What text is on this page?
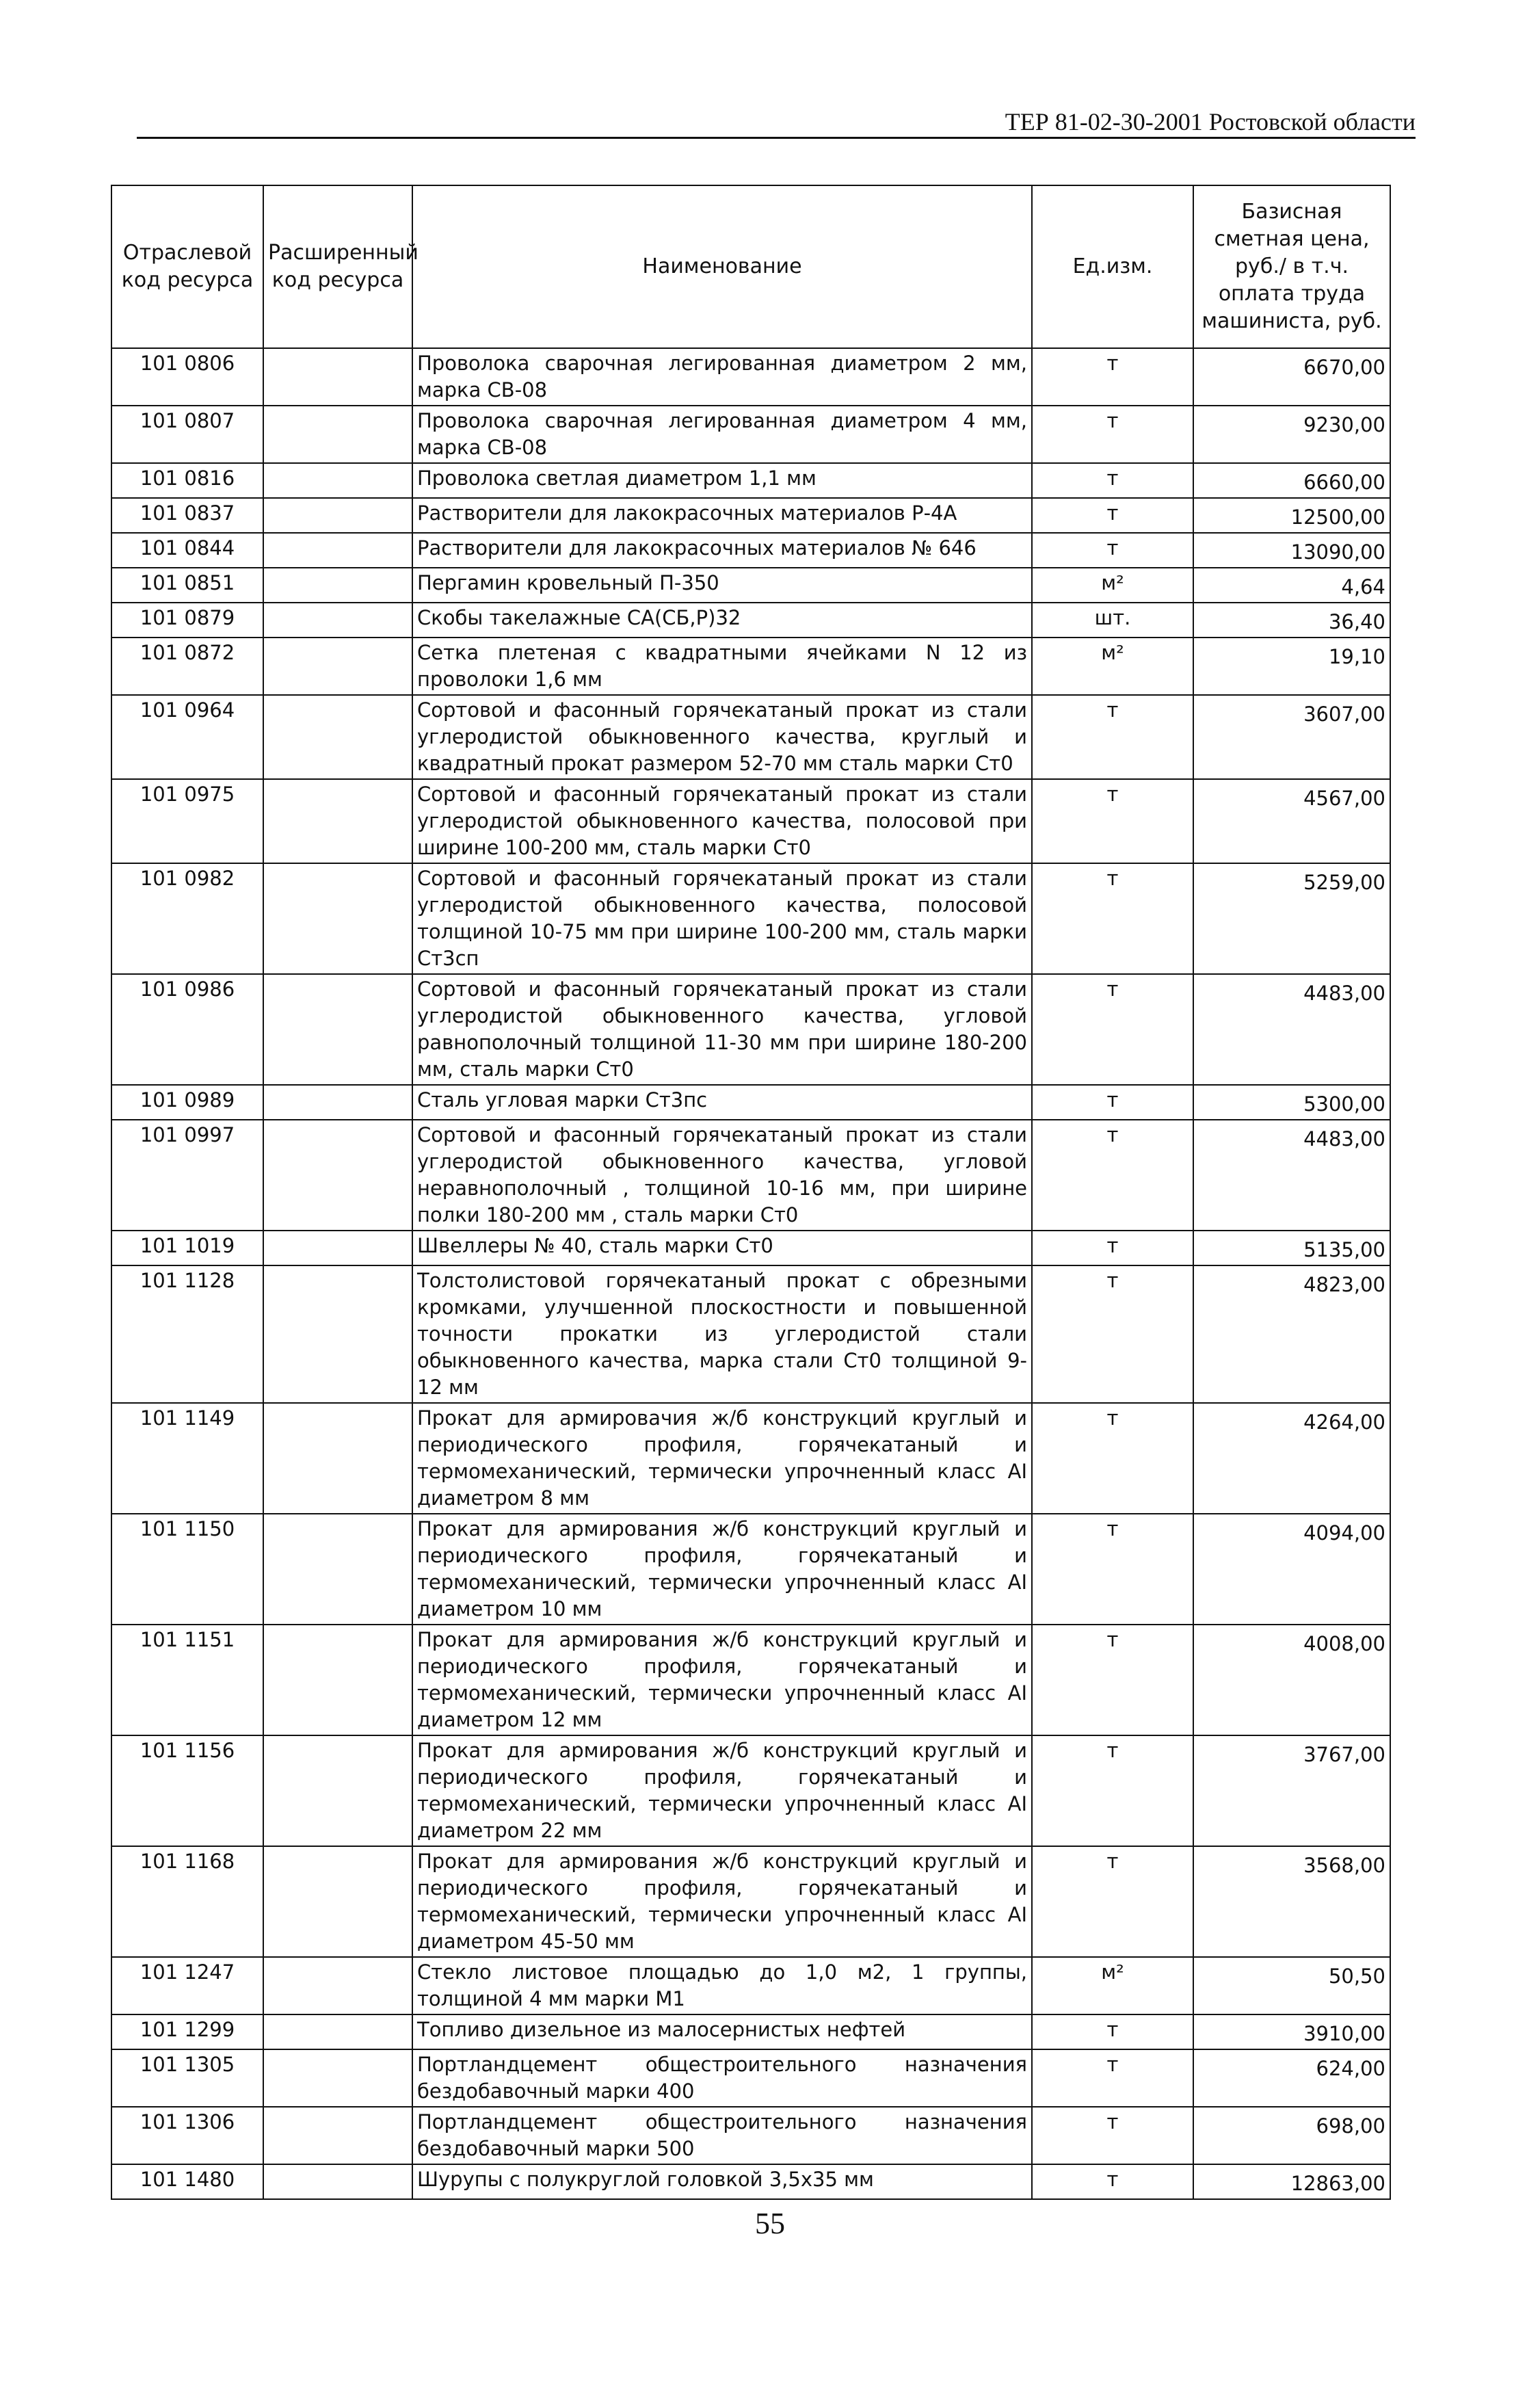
ТЕР 81-02-30-2001 Ростовской области
Отраслевой код ресурса	Расширенный код ресурса	Наименование	Ед.изм.	Базисная сметная цена, руб./ в т.ч. оплата труда машиниста, руб.
101 0806		Проволока сварочная легированная диаметром 2 мм, марка СВ-08	т	6670,00
101 0807		Проволока сварочная легированная диаметром 4 мм, марка СВ-08	т	9230,00
101 0816		Проволока светлая диаметром 1,1 мм	т	6660,00
101 0837		Растворители для лакокрасочных материалов Р-4А	т	12500,00
101 0844		Растворители для лакокрасочных материалов № 646	т	13090,00
101 0851		Пергамин кровельный П-350	м²	4,64
101 0879		Скобы такелажные СА(СБ,Р)32	шт.	36,40
101 0872		Сетка плетеная с квадратными ячейками N 12 из проволоки 1,6 мм	м²	19,10
101 0964		Сортовой и фасонный горячекатаный прокат из стали углеродистой обыкновенного качества, круглый и квадратный прокат размером 52-70 мм сталь марки Ст0	т	3607,00
101 0975		Сортовой и фасонный горячекатаный прокат из стали углеродистой обыкновенного качества, полосовой при ширине 100-200 мм, сталь марки Ст0	т	4567,00
101 0982		Сортовой и фасонный горячекатаный прокат из стали углеродистой обыкновенного качества, полосовой толщиной 10-75 мм при ширине 100-200 мм, сталь марки Ст3сп	т	5259,00
101 0986		Сортовой и фасонный горячекатаный прокат из стали углеродистой обыкновенного качества, угловой равнополочный толщиной 11-30 мм при ширине 180-200 мм, сталь марки Ст0	т	4483,00
101 0989		Сталь угловая марки Ст3пс	т	5300,00
101 0997		Сортовой и фасонный горячекатаный прокат из стали углеродистой обыкновенного качества, угловой неравнополочный , толщиной 10-16 мм, при ширине полки 180-200 мм , сталь марки Ст0	т	4483,00
101 1019		Швеллеры № 40, сталь марки Ст0	т	5135,00
101 1128		Толстолистовой горячекатаный прокат с обрезными кромками, улучшенной плоскостности и повышенной точности прокатки из углеродистой стали обыкновенного качества, марка стали Ст0 толщиной 9-12 мм	т	4823,00
101 1149		Прокат для армировачия ж/б конструкций круглый и периодического профиля, горячекатаный и термомеханический, термически упрочненный класс AI диаметром 8 мм	т	4264,00
101 1150		Прокат для армирования ж/б конструкций круглый и периодического профиля, горячекатаный и термомеханический, термически упрочненный класс AI диаметром 10 мм	т	4094,00
101 1151		Прокат для армирования ж/б конструкций круглый и периодического профиля, горячекатаный и термомеханический, термически упрочненный класс AI диаметром 12 мм	т	4008,00
101 1156		Прокат для армирования ж/б конструкций круглый и периодического профиля, горячекатаный и термомеханический, термически упрочненный класс AI диаметром 22 мм	т	3767,00
101 1168		Прокат для армирования ж/б конструкций круглый и периодического профиля, горячекатаный и термомеханический, термически упрочненный класс AI диаметром 45-50 мм	т	3568,00
101 1247		Стекло листовое площадью до 1,0 м2, 1 группы, толщиной 4 мм марки М1	м²	50,50
101 1299		Топливо дизельное из малосернистых нефтей	т	3910,00
101 1305		Портландцемент общестроительного назначения бездобавочный марки 400	т	624,00
101 1306		Портландцемент общестроительного назначения бездобавочный марки 500	т	698,00
101 1480		Шурупы с полукруглой головкой 3,5х35 мм	т	12863,00
55
